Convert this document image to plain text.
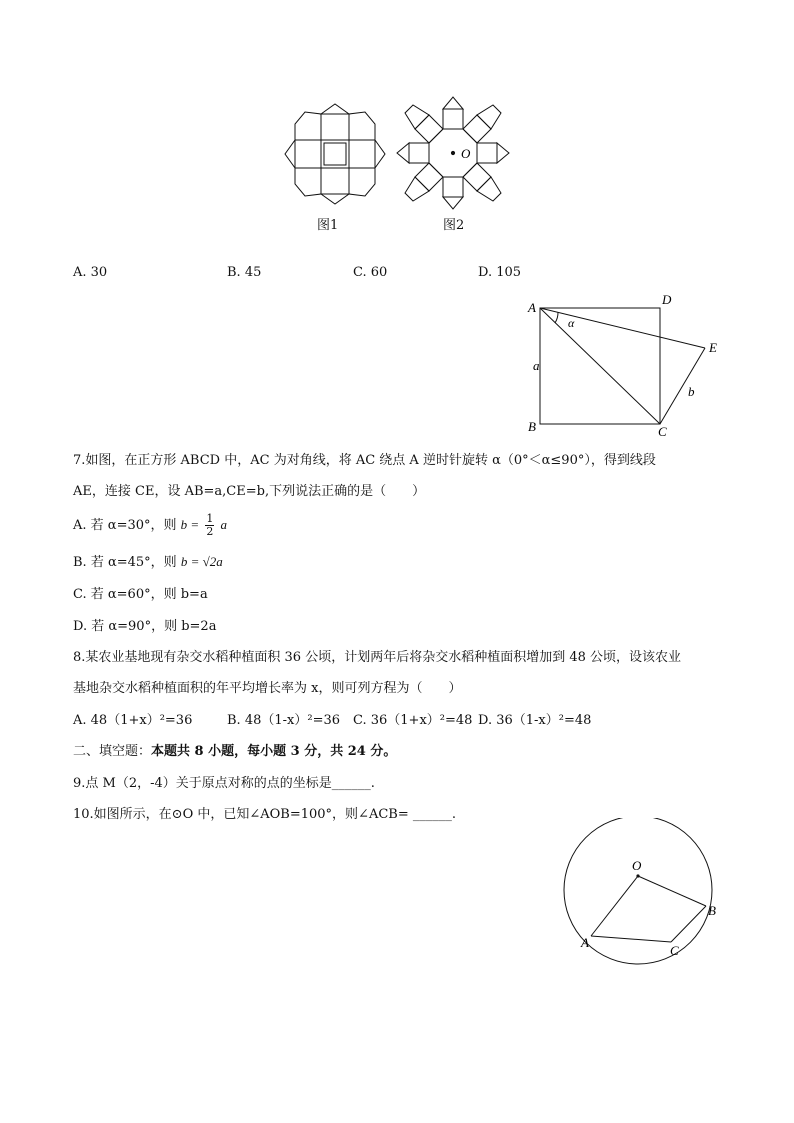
O
图1	图2
A. 30	B. 45	C. 60	D. 105
A
D
E
B	C
a
b
α
7.如图，在正方形 ABCD 中，AC 为对角线，将 AC 绕点 A 逆时针旋转 α（0°＜α≤90°），得到线段
AE，连接 CE，设 AB=a,CE=b,下列说法正确的是（　　）
A. 若 α=30°，则 $b = \frac{1}{2}$ a
B. 若 α=45°，则 b = √2a
C. 若 α=60°，则 b=a
D. 若 α=90°，则 b=2a
8.某农业基地现有杂交水稻种植面积 36 公顷，计划两年后将杂交水稻种植面积增加到 48 公顷，设该农业
基地杂交水稻种植面积的年平均增长率为 x，则可列方程为（　　）
A. 48（1+x）²=36	B. 48（1-x）²=36 C. 36（1+x）²=48 D. 36（1-x）²=48
二、填空题：本题共 8 小题，每小题 3 分，共 24 分。
9.点 M（2，-4）关于原点对称的点的坐标是______.
10.如图所示，在⊙O 中，已知∠AOB=100°，则∠ACB= ______.
O
A
B
C
